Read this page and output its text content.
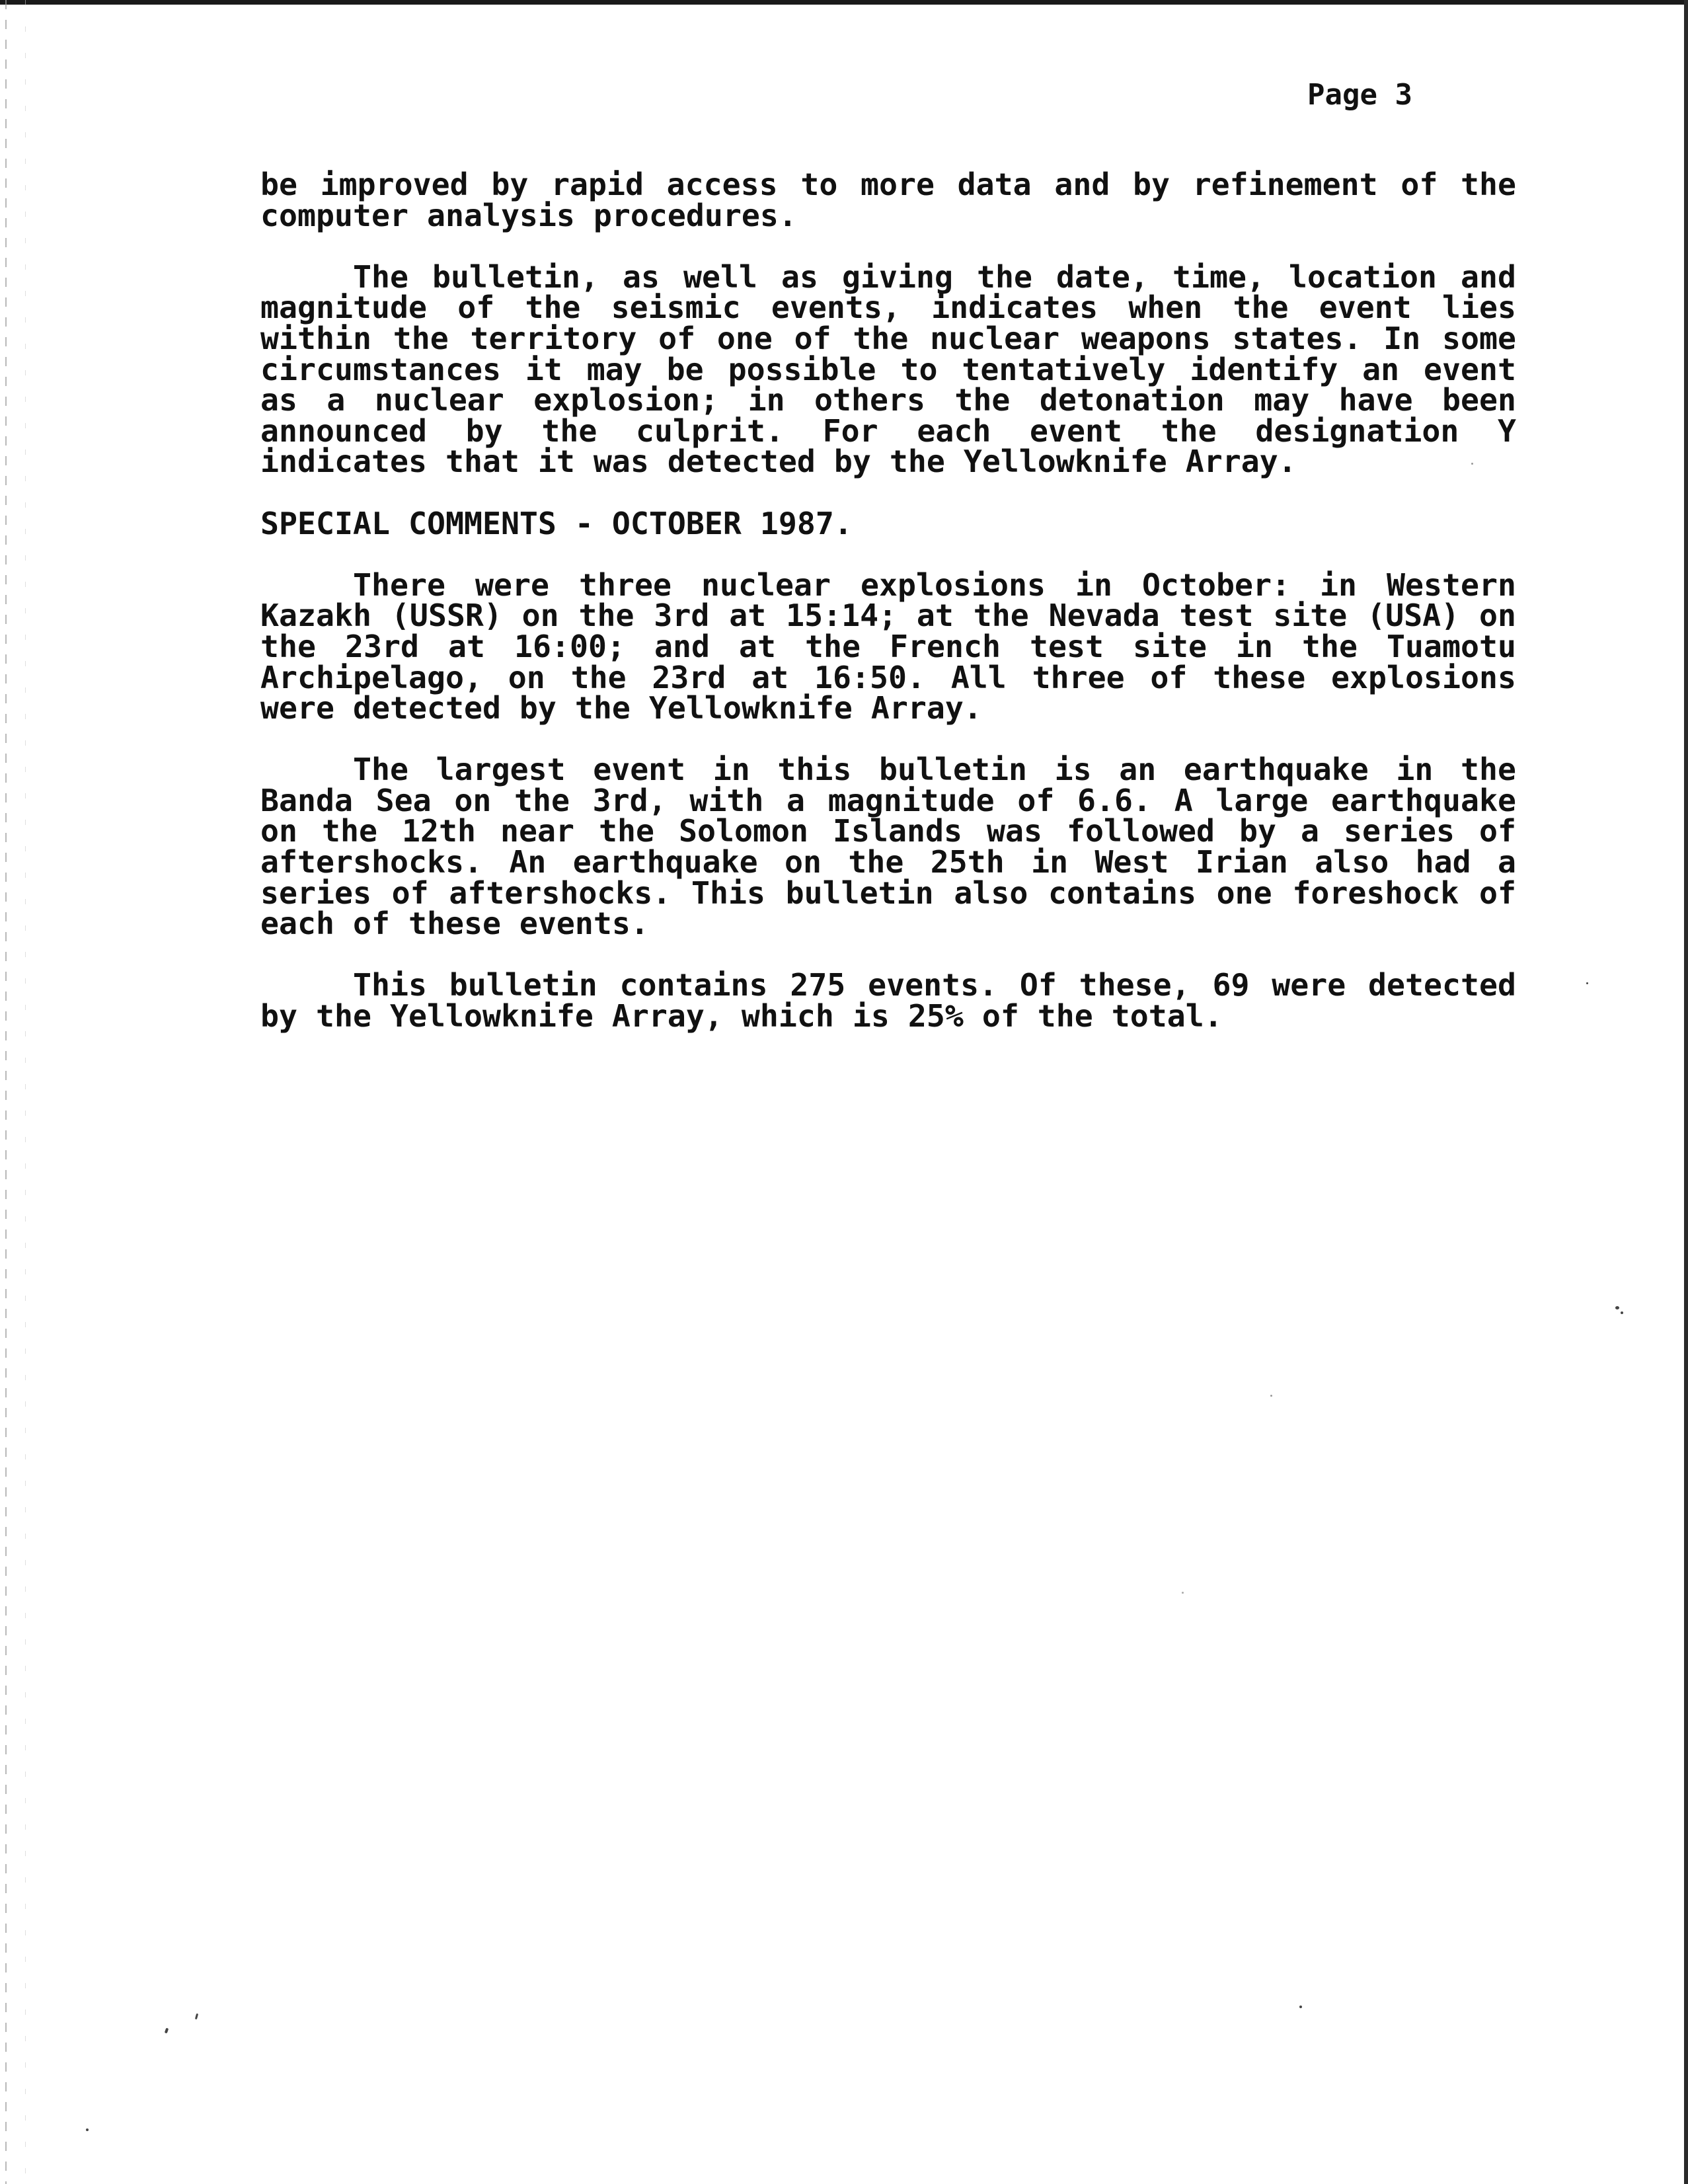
Page 3

be improved by rapid access to more data and by refinement of the computer analysis procedures.

The bulletin, as well as giving the date, time, location and magnitude of the seismic events, indicates when the event lies within the territory of one of the nuclear weapons states. In some circumstances it may be possible to tentatively identify an event as a nuclear explosion; in others the detonation may have been announced by the culprit. For each event the designation Y indicates that it was detected by the Yellowknife Array.

SPECIAL COMMENTS - OCTOBER 1987.

There were three nuclear explosions in October: in Western Kazakh (USSR) on the 3rd at 15:14; at the Nevada test site (USA) on the 23rd at 16:00; and at the French test site in the Tuamotu Archipelago, on the 23rd at 16:50. All three of these explosions were detected by the Yellowknife Array.

The largest event in this bulletin is an earthquake in the Banda Sea on the 3rd, with a magnitude of 6.6. A large earthquake on the 12th near the Solomon Islands was followed by a series of aftershocks. An earthquake on the 25th in West Irian also had a series of aftershocks. This bulletin also contains one foreshock of each of these events.

This bulletin contains 275 events. Of these, 69 were detected by the Yellowknife Array, which is 25% of the total.
